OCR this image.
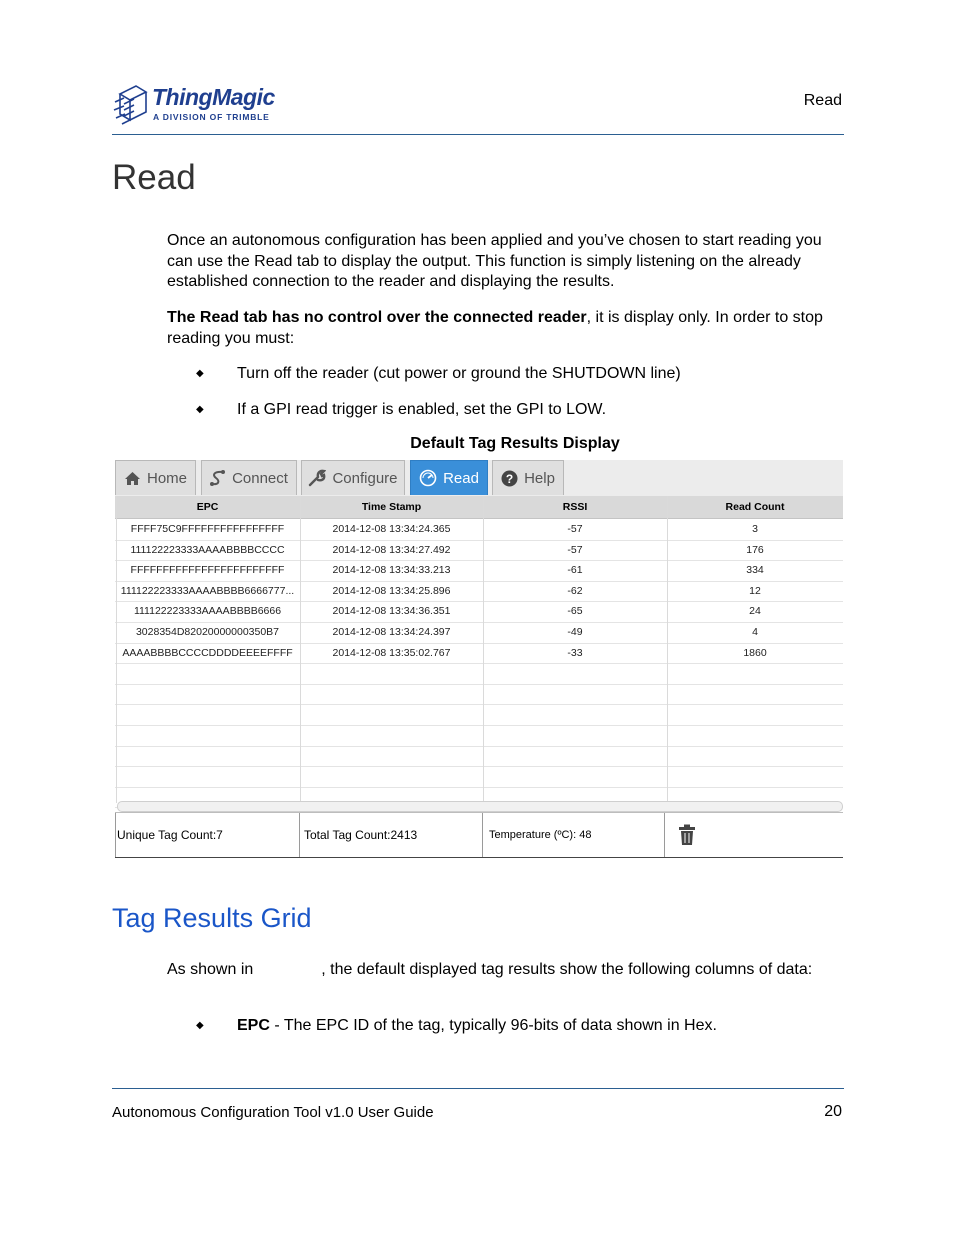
ThingMagic
A DIVISION OF TRIMBLE
Read
Read
Once an autonomous configuration has been applied and you’ve chosen to start reading you can use the Read tab to display the output. This function is simply listening on the already established connection to the reader and displaying the results.
The Read tab has no control over the connected reader, it is display only. In order to stop reading you must:
◆ Turn off the reader (cut power or ground the SHUTDOWN line)
◆ If a GPI read trigger is enabled, set the GPI to LOW.
Default Tag Results Display
Home	Connect	Configure	Read ? Help
EPC	Time Stamp	RSSI	Read Count
FFFF75C9FFFFFFFFFFFFFFFF	2014-12-08 13:34:24.365	-57	3
111122223333AAAABBBBCCCC	2014-12-08 13:34:27.492	-57	176
FFFFFFFFFFFFFFFFFFFFFFFF	2014-12-08 13:34:33.213	-61	334
111122223333AAAABBBB6666777...	2014-12-08 13:34:25.896	-62	12
111122223333AAAABBBB6666	2014-12-08 13:34:36.351	-65	24
3028354D82020000000350B7	2014-12-08 13:34:24.397	-49	4
AAAABBBBCCCCDDDDEEEEFFFF	2014-12-08 13:35:02.767	-33	1860
Unique Tag Count:7	Total Tag Count:2413	Temperature (ºC): 48
Tag Results Grid
As shown in	, the default displayed tag results show the following columns of data:
◆ EPC - The EPC ID of the tag, typically 96-bits of data shown in Hex.
Autonomous Configuration Tool v1.0 User Guide	20
